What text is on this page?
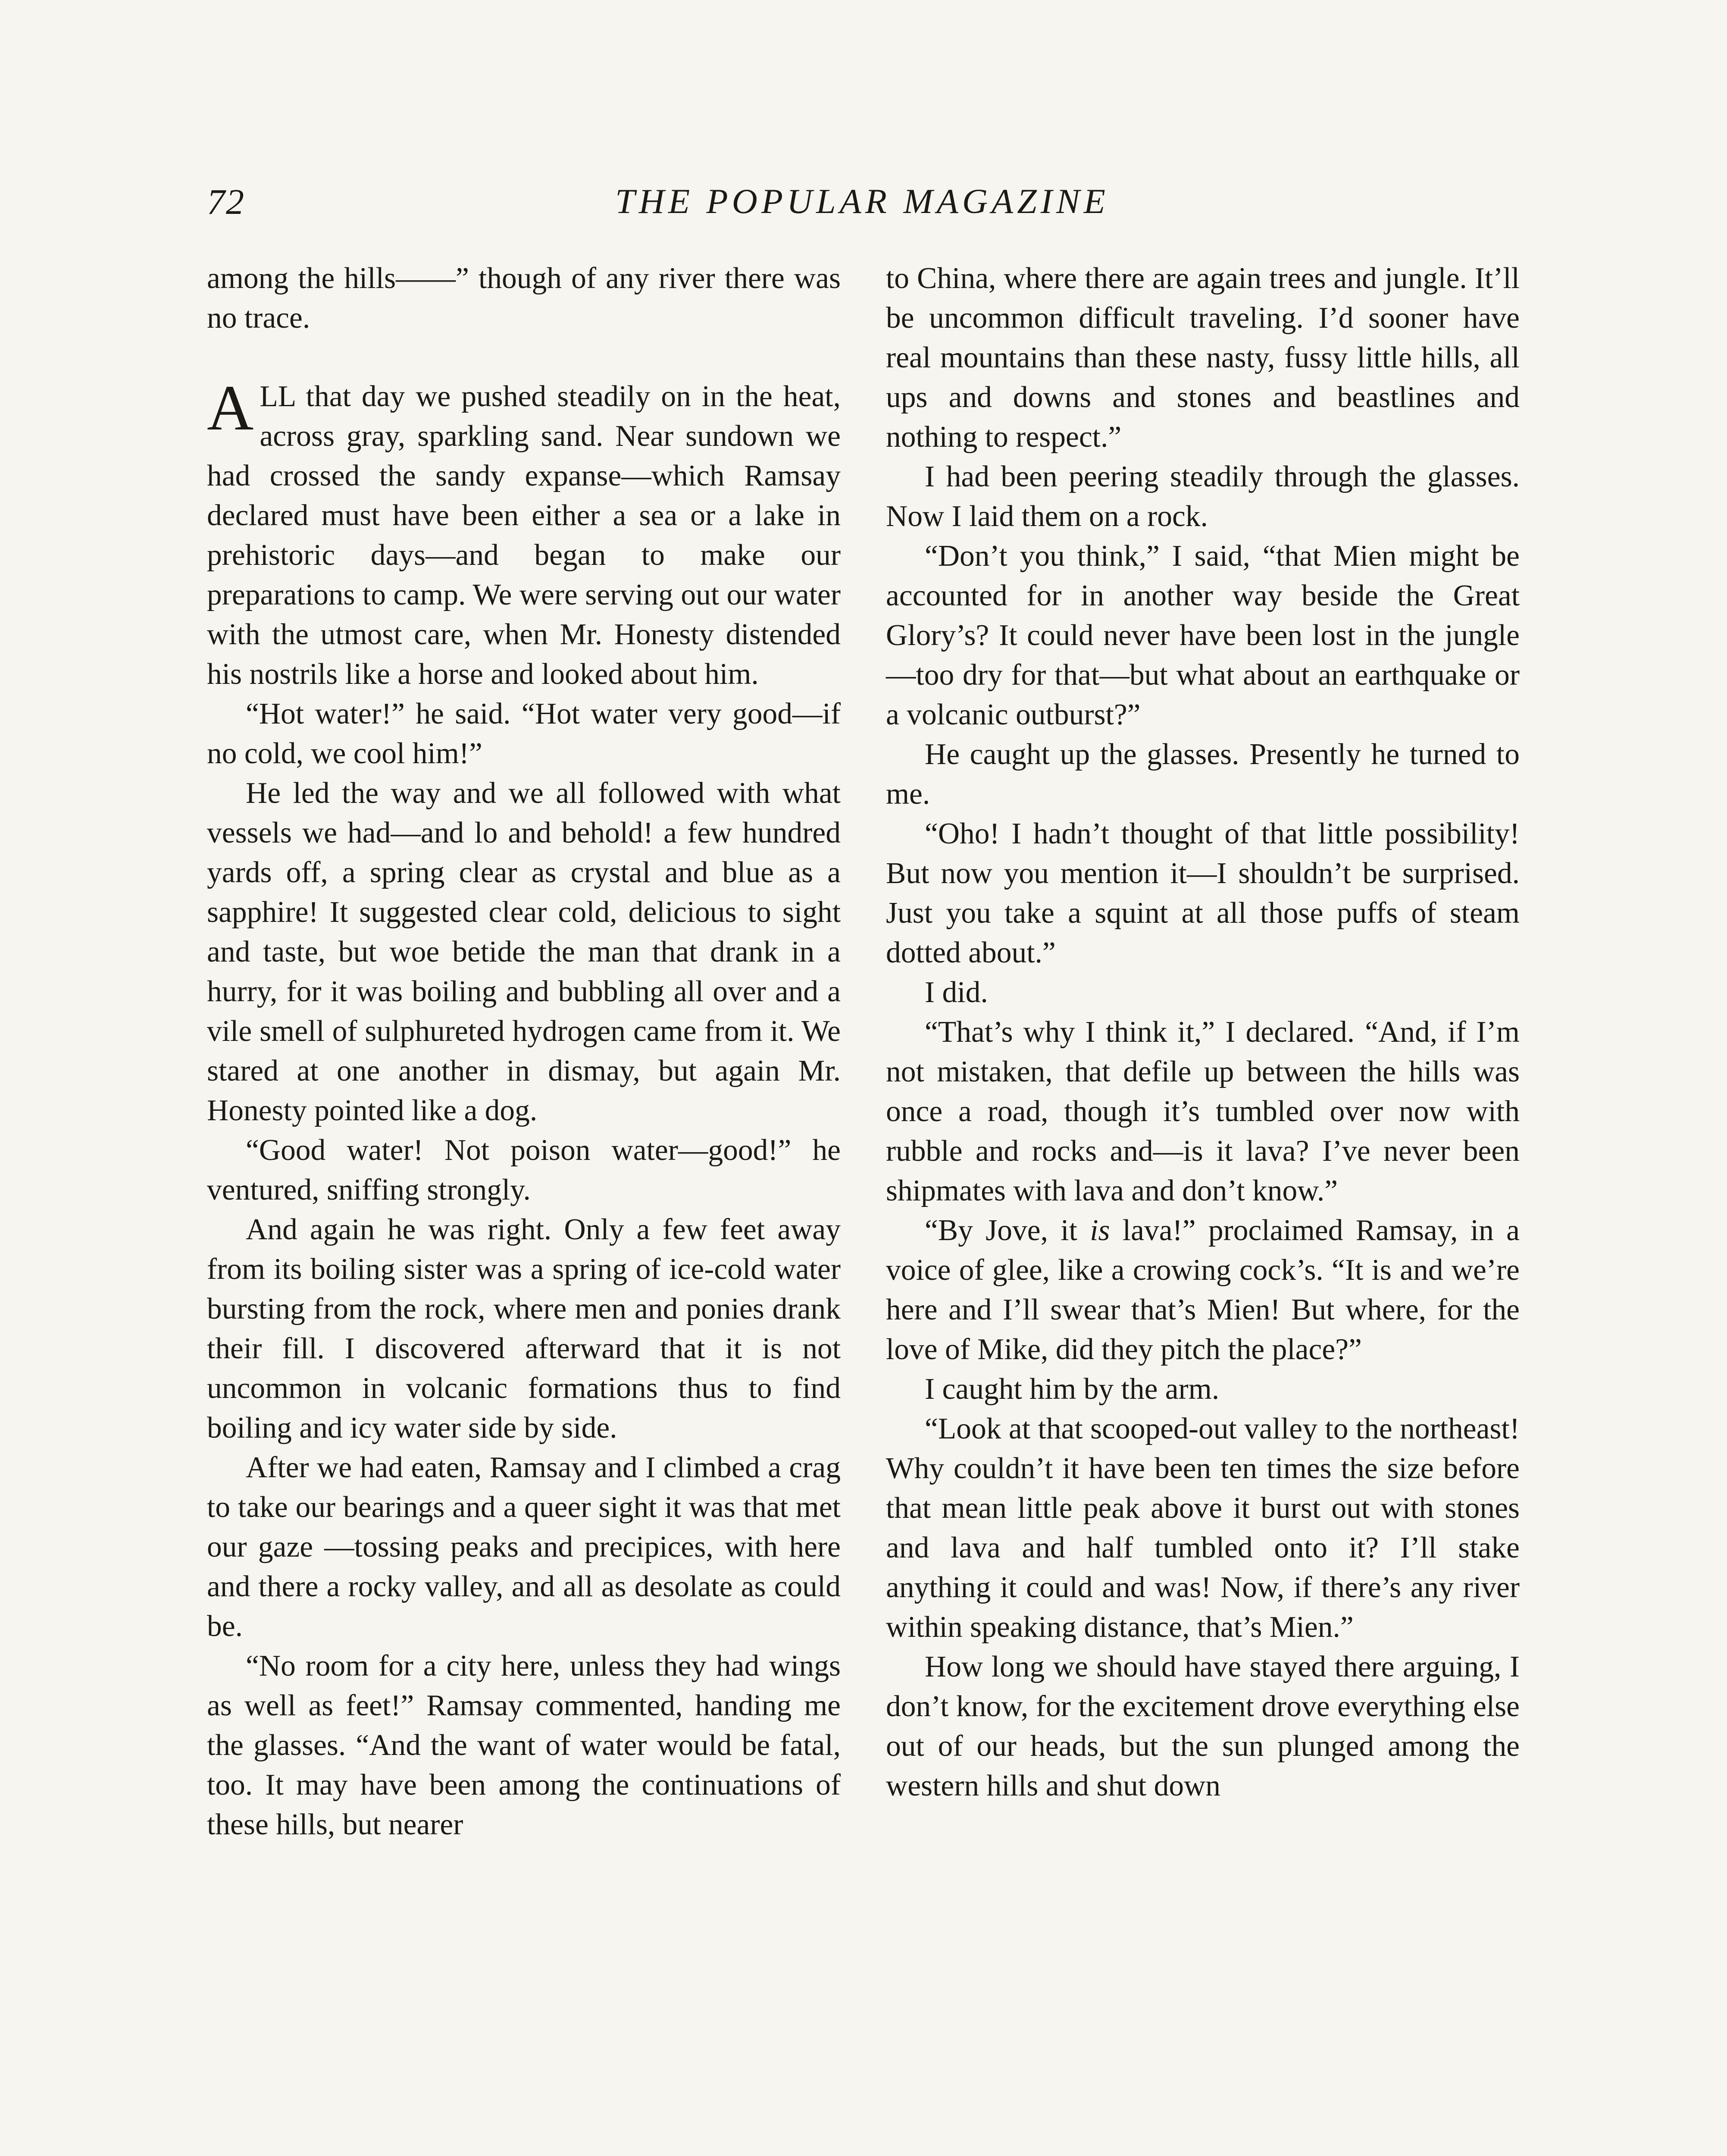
72	THE POPULAR MAGAZINE

among the hills——” though of any river there was no trace.

ALL that day we pushed steadily on in the heat, across gray, sparkling sand. Near sundown we had crossed the sandy expanse—which Ramsay declared must have been either a sea or a lake in prehistoric days—and began to make our preparations to camp. We were serving out our water with the utmost care, when Mr. Honesty distended his nostrils like a horse and looked about him.

“Hot water!” he said. “Hot water very good—if no cold, we cool him!”

He led the way and we all followed with what vessels we had—and lo and behold! a few hundred yards off, a spring clear as crystal and blue as a sapphire! It suggested clear cold, delicious to sight and taste, but woe betide the man that drank in a hurry, for it was boiling and bubbling all over and a vile smell of sulphureted hydrogen came from it. We stared at one another in dismay, but again Mr. Honesty pointed like a dog.

“Good water! Not poison water—good!” he ventured, sniffing strongly.

And again he was right. Only a few feet away from its boiling sister was a spring of ice-cold water bursting from the rock, where men and ponies drank their fill. I discovered afterward that it is not uncommon in volcanic formations thus to find boiling and icy water side by side.

After we had eaten, Ramsay and I climbed a crag to take our bearings and a queer sight it was that met our gaze —tossing peaks and precipices, with here and there a rocky valley, and all as desolate as could be.

“No room for a city here, unless they had wings as well as feet!” Ramsay commented, handing me the glasses. “And the want of water would be fatal, too. It may have been among the continuations of these hills, but nearer

to China, where there are again trees and jungle. It’ll be uncommon difficult traveling. I’d sooner have real mountains than these nasty, fussy little hills, all ups and downs and stones and beastlines and nothing to respect.”

I had been peering steadily through the glasses. Now I laid them on a rock.

“Don’t you think,” I said, “that Mien might be accounted for in another way beside the Great Glory’s? It could never have been lost in the jungle—too dry for that—but what about an earthquake or a volcanic outburst?”

He caught up the glasses. Presently he turned to me.

“Oho! I hadn’t thought of that little possibility! But now you mention it—I shouldn’t be surprised. Just you take a squint at all those puffs of steam dotted about.”

I did.

“That’s why I think it,” I declared. “And, if I’m not mistaken, that defile up between the hills was once a road, though it’s tumbled over now with rubble and rocks and—is it lava? I’ve never been shipmates with lava and don’t know.”

“By Jove, it is lava!” proclaimed Ramsay, in a voice of glee, like a crowing cock’s. “It is and we’re here and I’ll swear that’s Mien! But where, for the love of Mike, did they pitch the place?”

I caught him by the arm.

“Look at that scooped-out valley to the northeast! Why couldn’t it have been ten times the size before that mean little peak above it burst out with stones and lava and half tumbled onto it? I’ll stake anything it could and was! Now, if there’s any river within speaking distance, that’s Mien.”

How long we should have stayed there arguing, I don’t know, for the excitement drove everything else out of our heads, but the sun plunged among the western hills and shut down
